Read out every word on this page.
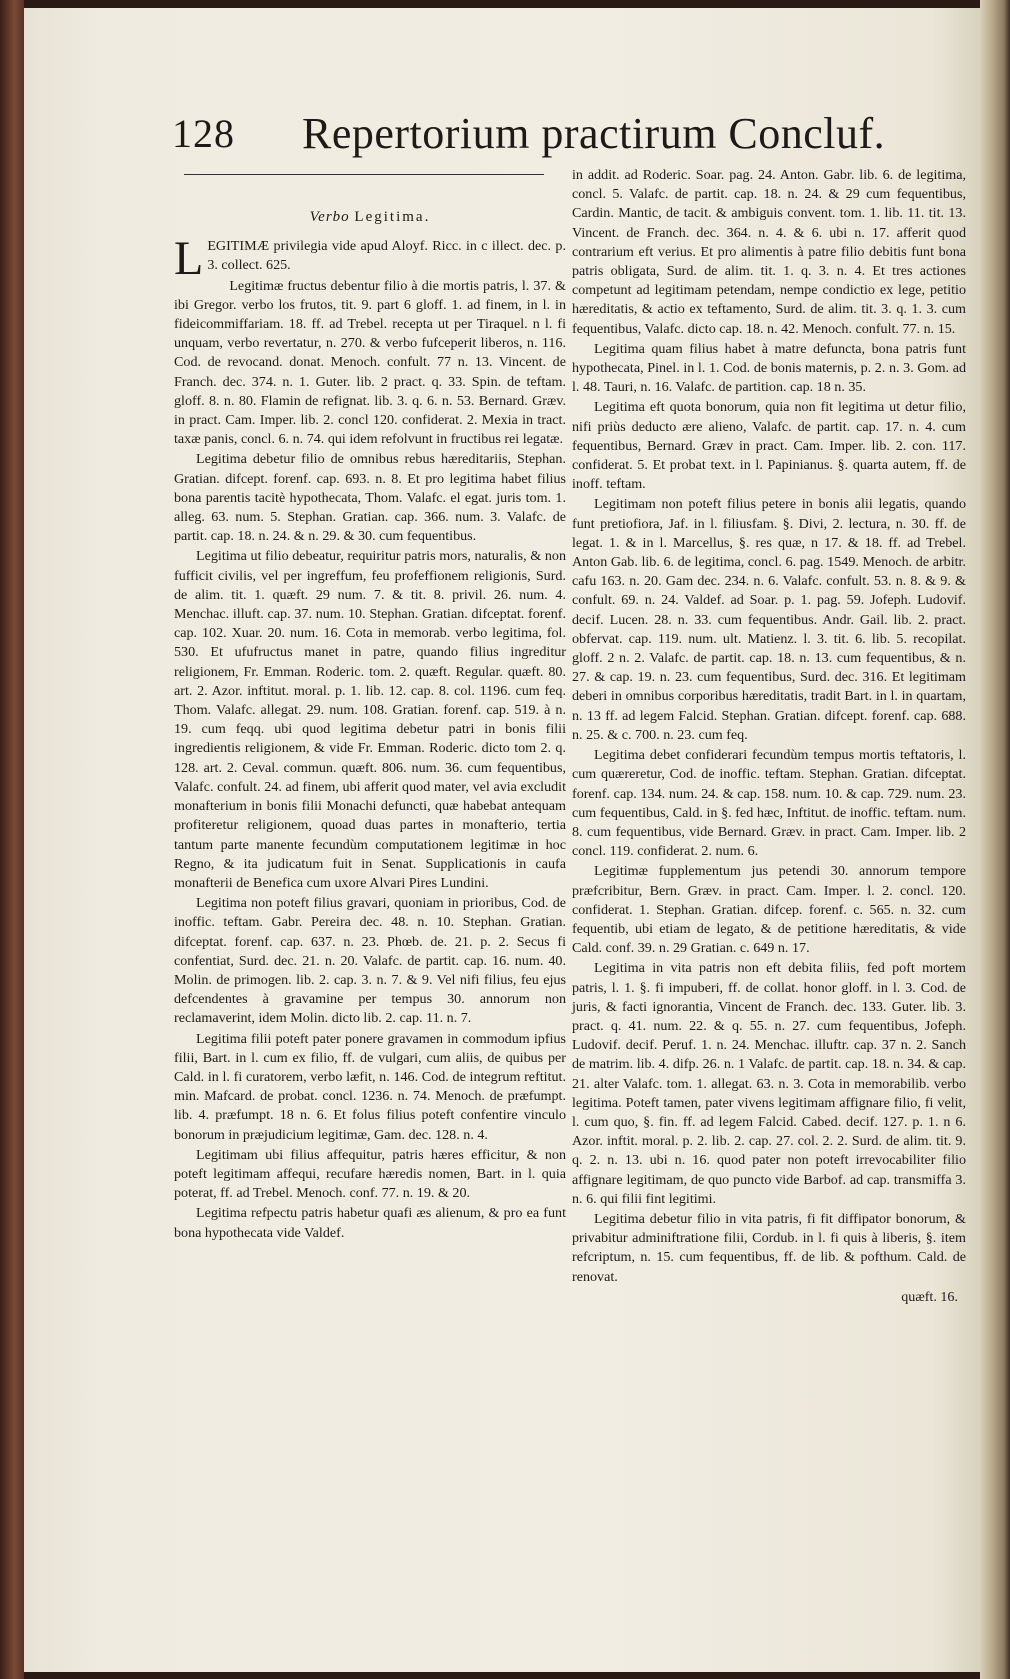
128 Repertorium practirum Concluf.
Verbo Legitima.

LEGITIMÆ privilegia vide apud Aloyf. Ricc. in c illect. dec. p. 3. collect. 625.

Legitimæ fructus debentur filio à die mortis patris, l. 37. & ibi Gregor. verbo los frutos, tit. 9. part 6 gloff. 1. ad finem, in l. in fideicommiffariam. 18. ff. ad Trebel. recepta ut per Tiraquel. n l. fi unquam, verbo revertatur, n. 270. & verbo fufceperit liberos, n. 116. Cod. de revocand. donat. Menoch. confult. 77 n. 13. Vincent. de Franch. dec. 374. n. 1. Guter. lib. 2 pract. q. 33. Spin. de teftam. gloff. 8. n. 80. Flamin de refignat. lib. 3. q. 6. n. 53. Bernard. Græv. in pract. Cam. Imper. lib. 2. concl 120. confiderat. 2. Mexia in tract. taxæ panis, concl. 6. n. 74. qui idem refolvunt in fructibus rei legatæ.

Legitima debetur filio de omnibus rebus hæreditariis, Stephan. Gratian. difcept. forenf. cap. 693. n. 8. Et pro legitima habet filius bona parentis tacitè hypothecata, Thom. Valafc. el egat. juris tom. 1. alleg. 63. num. 5. Stephan. Gratian. cap. 366. num. 3. Valafc. de partit. cap. 18. n. 24. & n. 29. & 30. cum fequentibus.

Legitima ut filio debeatur, requiritur patris mors, naturalis, & non fufficit civilis, vel per ingreffum, feu profeffionem religionis, Surd. de alim. tit. 1. quæft. 29 num. 7. & tit. 8. privil. 26. num. 4. Menchac. illuft. cap. 37. num. 10. Stephan. Gratian. difceptat. forenf. cap. 102. Xuar. 20. num. 16. Cota in memorab. verbo legitima, fol. 530. Et ufufructus manet in patre, quando filius ingreditur religionem, Fr. Emman. Roderic. tom. 2. quæft. Regular. quæft. 80. art. 2. Azor. inftitut. moral. p. 1. lib. 12. cap. 8. col. 1196. cum feq. Thom. Valafc. allegat. 29. num. 108. Gratian. forenf. cap. 519. à n. 19. cum feqq. ubi quod legitima debetur patri in bonis filii ingredientis religionem, & vide Fr. Emman. Roderic. dicto tom 2. q. 128. art. 2. Ceval. commun. quæft. 806. num. 36. cum fequentibus, Valafc. confult. 24. ad finem, ubi afferit quod mater, vel avia excludit monafterium in bonis filii Monachi defuncti, quæ habebat antequam profiteretur religionem, quoad duas partes in monafterio, tertia tantum parte manente fecundùm computationem legitimæ in hoc Regno, & ita judicatum fuit in Senat. Supplicationis in caufa monafterii de Benefica cum uxore Alvari Pires Lundini.

Legitima non poteft filius gravari, quoniam in prioribus, Cod. de inoffic. teftam. Gabr. Pereira dec. 48. n. 10. Stephan. Gratian. difceptat. forenf. cap. 637. n. 23. Phœb. de. 21. p. 2. Secus fi confentiat, Surd. dec. 21. n. 20. Valafc. de partit. cap. 16. num. 40. Molin. de primogen. lib. 2. cap. 3. n. 7. & 9. Vel nifi filius, feu ejus defcendentes à gravamine per tempus 30. annorum non reclamaverint, idem Molin. dicto lib. 2. cap. 11. n. 7.

Legitima filii poteft pater ponere gravamen in commodum ipfius filii, Bart. in l. cum ex filio, ff. de vulgari, cum aliis, de quibus per Cald. in l. fi curatorem, verbo læfit, n. 146. Cod. de integrum reftitut. min. Mafcard. de probat. concl. 1236. n. 74. Menoch. de præfumpt. lib. 4. præfumpt. 18 n. 6. Et folus filius poteft confentire vinculo bonorum in præjudicium legitimæ, Gam. dec. 128. n. 4.

Legitimam ubi filius affequitur, patris hæres efficitur, & non poteft legitimam affequi, recufare hæredis nomen, Bart. in l. quia poterat, ff. ad Trebel. Menoch. conf. 77. n. 19. & 20.

Legitima refpectu patris habetur quafi æs alienum, & pro ea funt bona hypothecata vide Valdef.

in addit. ad Roderic. Soar. pag. 24. Anton. Gabr. lib. 6. de legitima, concl. 5. Valafc. de partit. cap. 18. n. 24. & 29 cum fequentibus, Cardin. Mantic, de tacit. & ambiguis convent. tom. 1. lib. 11. tit. 13. Vincent. de Franch. dec. 364. n. 4. & 6. ubi n. 17. afferit quod contrarium eft verius. Et pro alimentis à patre filio debitis funt bona patris obligata, Surd. de alim. tit. 1. q. 3. n. 4. Et tres actiones competunt ad legitimam petendam, nempe condictio ex lege, petitio hæreditatis, & actio ex teftamento, Surd. de alim. tit. 3. q. 1. 3. cum fequentibus, Valafc. dicto cap. 18. n. 42. Menoch. confult. 77. n. 15.

Legitima quam filius habet à matre defuncta, bona patris funt hypothecata, Pinel. in l. 1. Cod. de bonis maternis, p. 2. n. 3. Gom. ad l. 48. Tauri, n. 16. Valafc. de partition. cap. 18 n. 35.

Legitima eft quota bonorum, quia non fit legitima ut detur filio, nifi priùs deducto ære alieno, Valafc. de partit. cap. 17. n. 4. cum fequentibus, Bernard. Græv in pract. Cam. Imper. lib. 2. con. 117. confiderat. 5. Et probat text. in l. Papinianus. §. quarta autem, ff. de inoff. teftam.

Legitimam non poteft filius petere in bonis alii legatis, quando funt pretiofiora, Jaf. in l. filiusfam. §. Divi, 2. lectura, n. 30. ff. de legat. 1. & in l. Marcellus, §. res quæ, n 17. & 18. ff. ad Trebel. Anton Gab. lib. 6. de legitima, concl. 6. pag. 1549. Menoch. de arbitr. cafu 163. n. 20. Gam dec. 234. n. 6. Valafc. confult. 53. n. 8. & 9. & confult. 69. n. 24. Valdef. ad Soar. p. 1. pag. 59. Jofeph. Ludovif. decif. Lucen. 28. n. 33. cum fequentibus. Andr. Gail. lib. 2. pract. obfervat. cap. 119. num. ult. Matienz. l. 3. tit. 6. lib. 5. recopilat. gloff. 2 n. 2. Valafc. de partit. cap. 18. n. 13. cum fequentibus, & n. 27. & cap. 19. n. 23. cum fequentibus, Surd. dec. 316. Et legitimam deberi in omnibus corporibus hæreditatis, tradit Bart. in l. in quartam, n. 13 ff. ad legem Falcid. Stephan. Gratian. difcept. forenf. cap. 688. n. 25. & c. 700. n. 23. cum feq.

Legitima debet confiderari fecundùm tempus mortis teftatoris, l. cum quæreretur, Cod. de inoffic. teftam. Stephan. Gratian. difceptat. forenf. cap. 134. num. 24. & cap. 158. num. 10. & cap. 729. num. 23. cum fequentibus, Cald. in §. fed hæc, Inftitut. de inoffic. teftam. num. 8. cum fequentibus, vide Bernard. Græv. in pract. Cam. Imper. lib. 2 concl. 119. confiderat. 2. num. 6.

Legitimæ fupplementum jus petendi 30. annorum tempore præfcribitur, Bern. Græv. in pract. Cam. Imper. l. 2. concl. 120. confiderat. 1. Stephan. Gratian. difcep. forenf. c. 565. n. 32. cum fequentib, ubi etiam de legato, & de petitione hæreditatis, & vide Cald. conf. 39. n. 29 Gratian. c. 649 n. 17.

Legitima in vita patris non eft debita filiis, fed poft mortem patris, l. 1. §. fi impuberi, ff. de collat. honor gloff. in l. 3. Cod. de juris, & facti ignorantia, Vincent de Franch. dec. 133. Guter. lib. 3. pract. q. 41. num. 22. & q. 55. n. 27. cum fequentibus, Jofeph. Ludovif. decif. Peruf. 1. n. 24. Menchac. illuftr. cap. 37 n. 2. Sanch de matrim. lib. 4. difp. 26. n. 1 Valafc. de partit. cap. 18. n. 34. & cap. 21. alter Valafc. tom. 1. allegat. 63. n. 3. Cota in memorabilib. verbo legitima. Poteft tamen, pater vivens legitimam affignare filio, fi velit, l. cum quo, §. fin. ff. ad legem Falcid. Cabed. decif. 127. p. 1. n 6. Azor. inftit. moral. p. 2. lib. 2. cap. 27. col. 2. 2. Surd. de alim. tit. 9. q. 2. n. 13. ubi n. 16. quod pater non poteft irrevocabiliter filio affignare legitimam, de quo puncto vide Barbof. ad cap. transmiffa 3. n. 6. qui filii fint legitimi.

Legitima debetur filio in vita patris, fi fit diffipator bonorum, & privabitur adminiftratione filii, Cordub. in l. fi quis à liberis, §. item refcriptum, n. 15. cum fequentibus, ff. de lib. & pofthum. Cald. de renovat.

quæft. 16.
